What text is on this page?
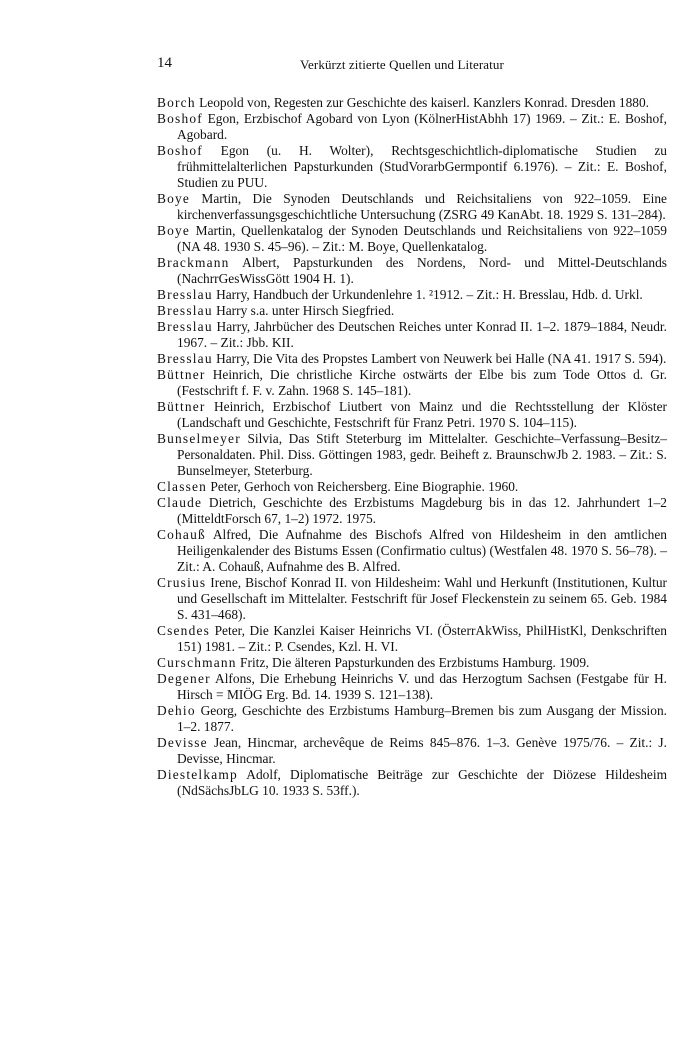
14	Verkürzt zitierte Quellen und Literatur
Borch Leopold von, Regesten zur Geschichte des kaiserl. Kanzlers Konrad. Dresden 1880.
Boshof Egon, Erzbischof Agobard von Lyon (KölnerHistAbhh 17) 1969. – Zit.: E. Boshof, Agobard.
Boshof Egon (u. H. Wolter), Rechtsgeschichtlich-diplomatische Studien zu frühmittelalterlichen Papsturkunden (StudVorarbGermpontif 6.1976). – Zit.: E. Boshof, Studien zu PUU.
Boye Martin, Die Synoden Deutschlands und Reichsitaliens von 922–1059. Eine kirchenverfassungsgeschichtliche Untersuchung (ZSRG 49 KanAbt. 18. 1929 S. 131–284).
Boye Martin, Quellenkatalog der Synoden Deutschlands und Reichsitaliens von 922–1059 (NA 48. 1930 S. 45–96). – Zit.: M. Boye, Quellenkatalog.
Brackmann Albert, Papsturkunden des Nordens, Nord- und Mittel-Deutschlands (NachrrGesWissGött 1904 H. 1).
Bresslau Harry, Handbuch der Urkundenlehre 1. ²1912. – Zit.: H. Bresslau, Hdb. d. Urkl.
Bresslau Harry s.a. unter Hirsch Siegfried.
Bresslau Harry, Jahrbücher des Deutschen Reiches unter Konrad II. 1–2. 1879–1884, Neudr. 1967. – Zit.: Jbb. KII.
Bresslau Harry, Die Vita des Propstes Lambert von Neuwerk bei Halle (NA 41. 1917 S. 594).
Büttner Heinrich, Die christliche Kirche ostwärts der Elbe bis zum Tode Ottos d. Gr. (Festschrift f. F. v. Zahn. 1968 S. 145–181).
Büttner Heinrich, Erzbischof Liutbert von Mainz und die Rechtsstellung der Klöster (Landschaft und Geschichte, Festschrift für Franz Petri. 1970 S. 104–115).
Bunselmeyer Silvia, Das Stift Steterburg im Mittelalter. Geschichte–Verfassung–Besitz–Personaldaten. Phil. Diss. Göttingen 1983, gedr. Beiheft z. BraunschwJb 2. 1983. – Zit.: S. Bunselmeyer, Steterburg.
Classen Peter, Gerhoch von Reichersberg. Eine Biographie. 1960.
Claude Dietrich, Geschichte des Erzbistums Magdeburg bis in das 12. Jahrhundert 1–2 (MitteldtForsch 67, 1–2) 1972. 1975.
Cohauß Alfred, Die Aufnahme des Bischofs Alfred von Hildesheim in den amtlichen Heiligenkalender des Bistums Essen (Confirmatio cultus) (Westfalen 48. 1970 S. 56–78). – Zit.: A. Cohauß, Aufnahme des B. Alfred.
Crusius Irene, Bischof Konrad II. von Hildesheim: Wahl und Herkunft (Institutionen, Kultur und Gesellschaft im Mittelalter. Festschrift für Josef Fleckenstein zu seinem 65. Geb. 1984 S. 431–468).
Csendes Peter, Die Kanzlei Kaiser Heinrichs VI. (ÖsterrAkWiss, PhilHistKl, Denkschriften 151) 1981. – Zit.: P. Csendes, Kzl. H. VI.
Curschmann Fritz, Die älteren Papsturkunden des Erzbistums Hamburg. 1909.
Degener Alfons, Die Erhebung Heinrichs V. und das Herzogtum Sachsen (Festgabe für H. Hirsch = MIÖG Erg. Bd. 14. 1939 S. 121–138).
Dehio Georg, Geschichte des Erzbistums Hamburg–Bremen bis zum Ausgang der Mission. 1–2. 1877.
Devisse Jean, Hincmar, archevêque de Reims 845–876. 1–3. Genève 1975/76. – Zit.: J. Devisse, Hincmar.
Diestelkamp Adolf, Diplomatische Beiträge zur Geschichte der Diözese Hildesheim (NdSächsJbLG 10. 1933 S. 53ff.).
